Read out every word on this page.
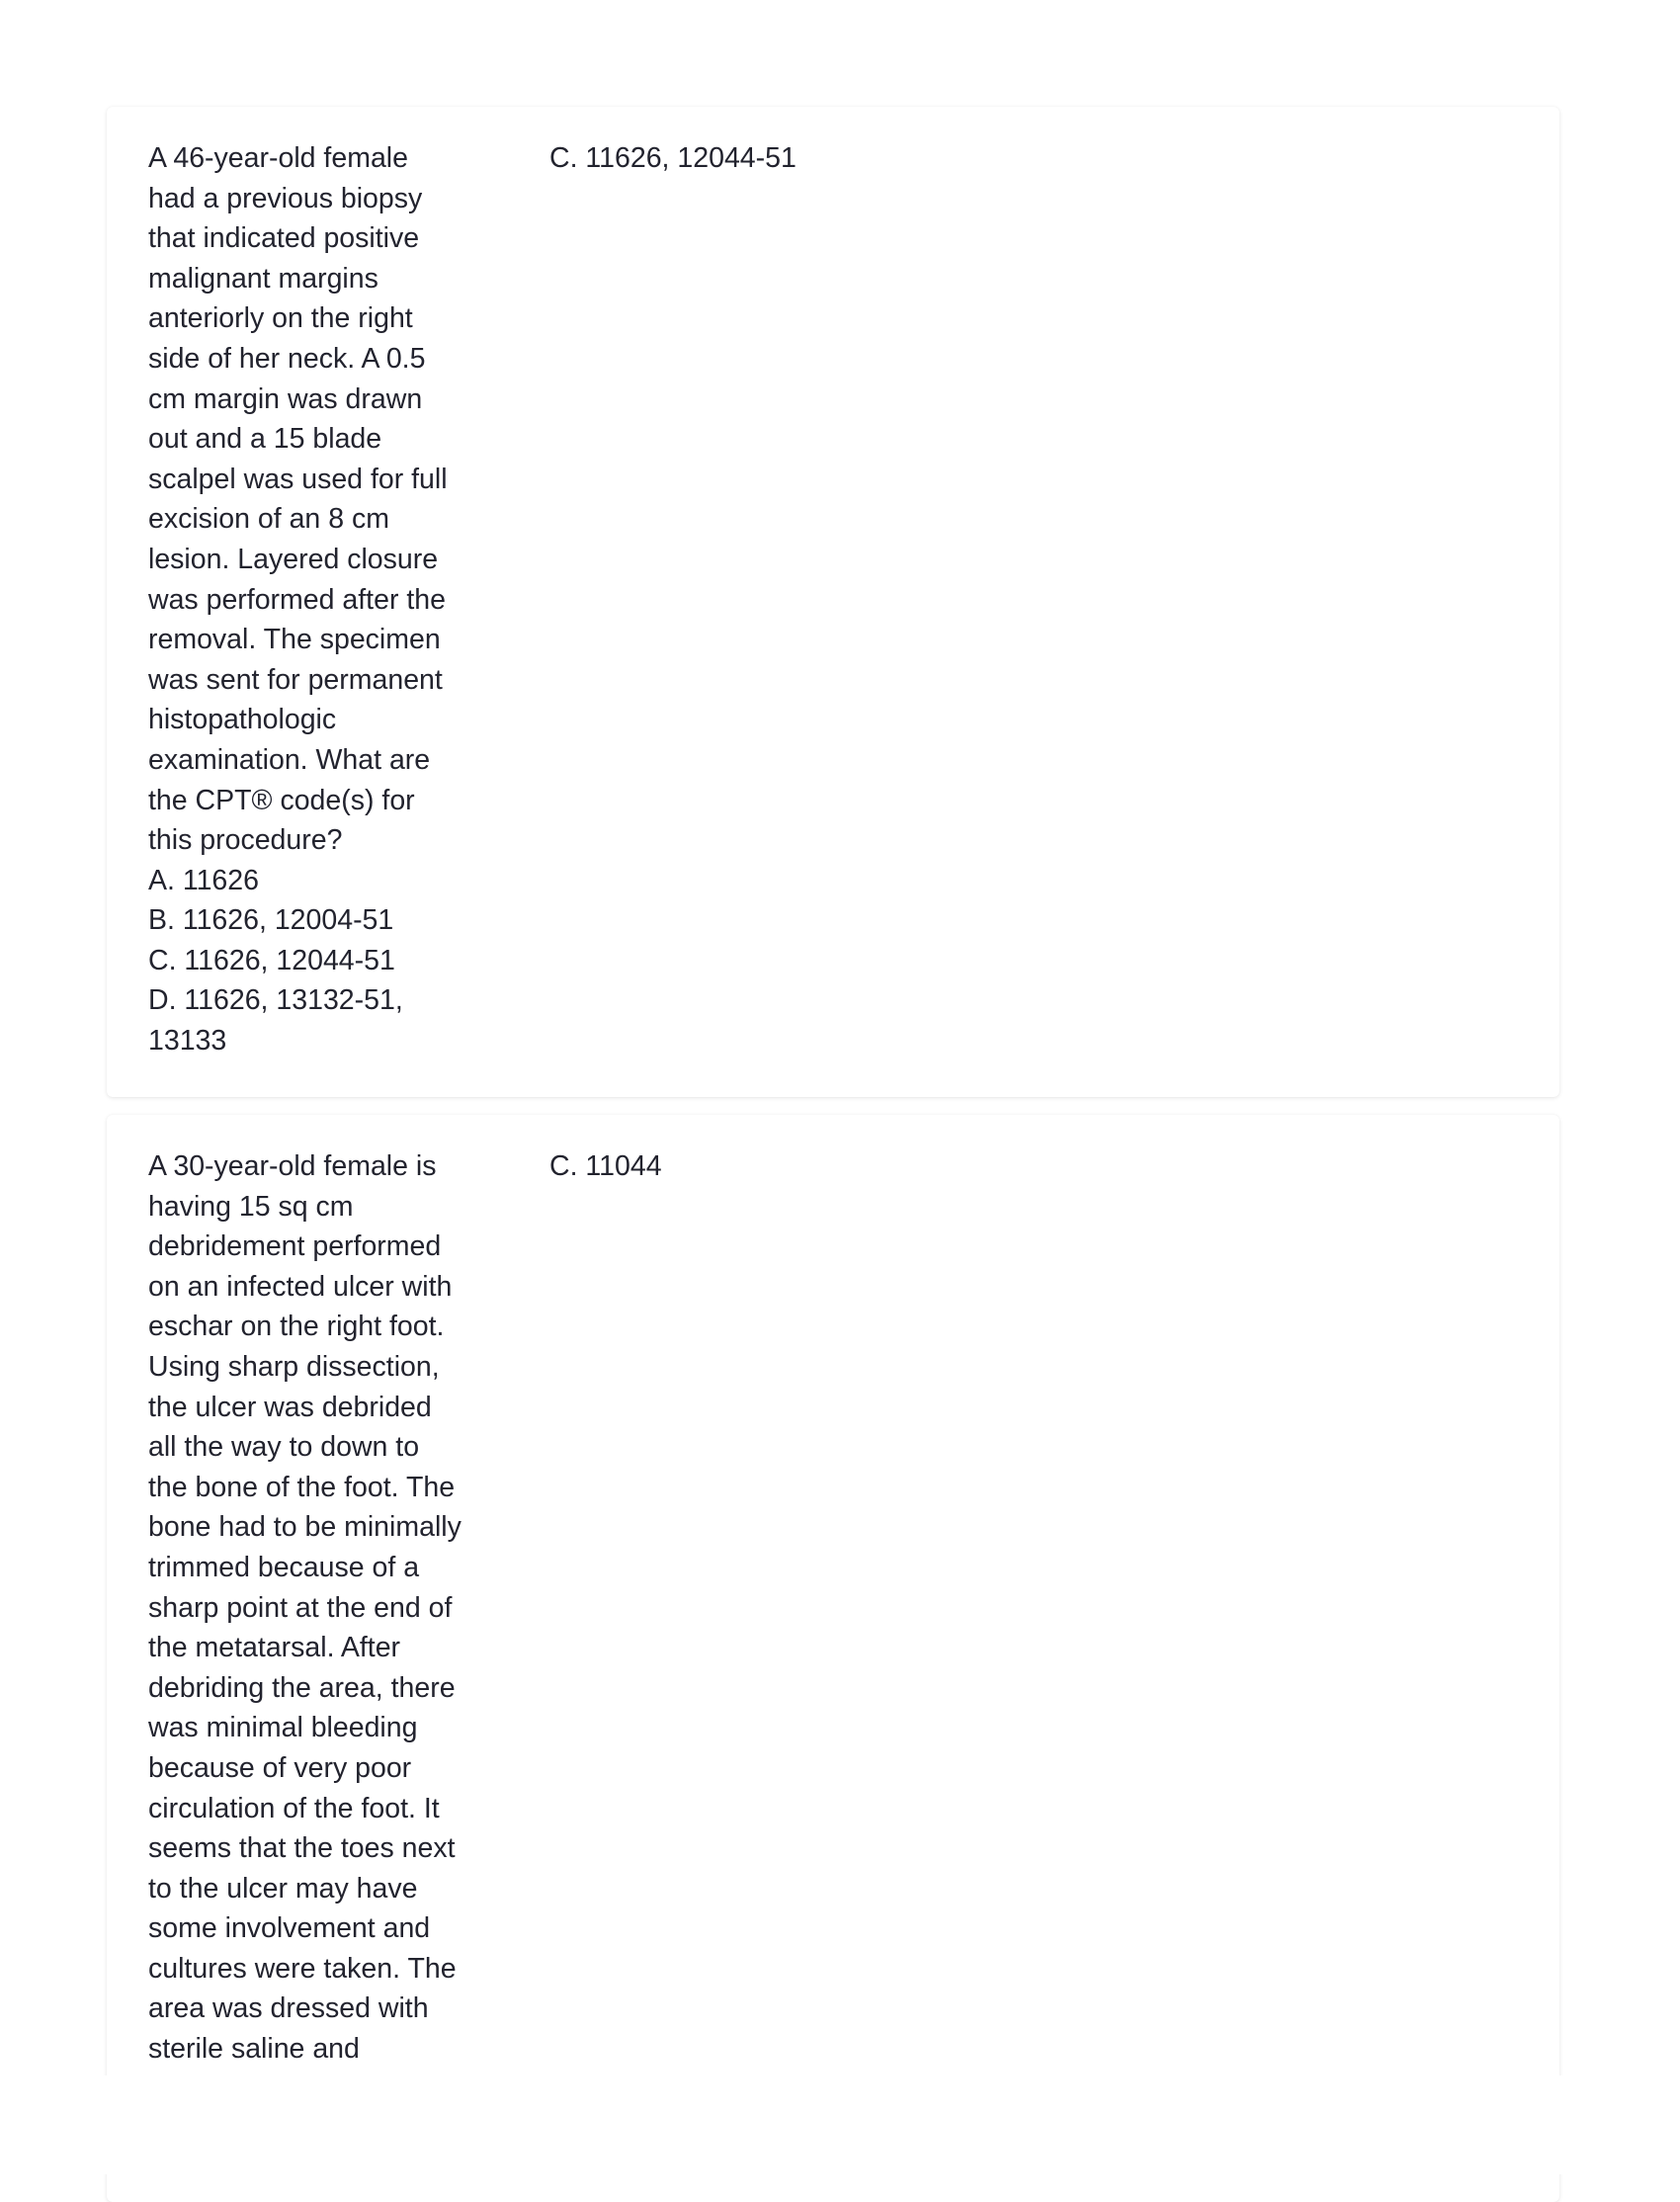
A 46-year-old female
had a previous biopsy
that indicated positive
malignant margins
anteriorly on the right
side of her neck. A 0.5
cm margin was drawn
out and a 15 blade
scalpel was used for full
excision of an 8 cm
lesion. Layered closure
was performed after the
removal. The specimen
was sent for permanent
histopathologic
examination. What are
the CPT® code(s) for
this procedure?
A. 11626
B. 11626, 12004-51
C. 11626, 12044-51
D. 11626, 13132-51,
13133
C. 11626, 12044-51
A 30-year-old female is
having 15 sq cm
debridement performed
on an infected ulcer with
eschar on the right foot.
Using sharp dissection,
the ulcer was debrided
all the way to down to
the bone of the foot. The
bone had to be minimally
trimmed because of a
sharp point at the end of
the metatarsal. After
debriding the area, there
was minimal bleeding
because of very poor
circulation of the foot. It
seems that the toes next
to the ulcer may have
some involvement and
cultures were taken. The
area was dressed with
sterile saline and
C. 11044
